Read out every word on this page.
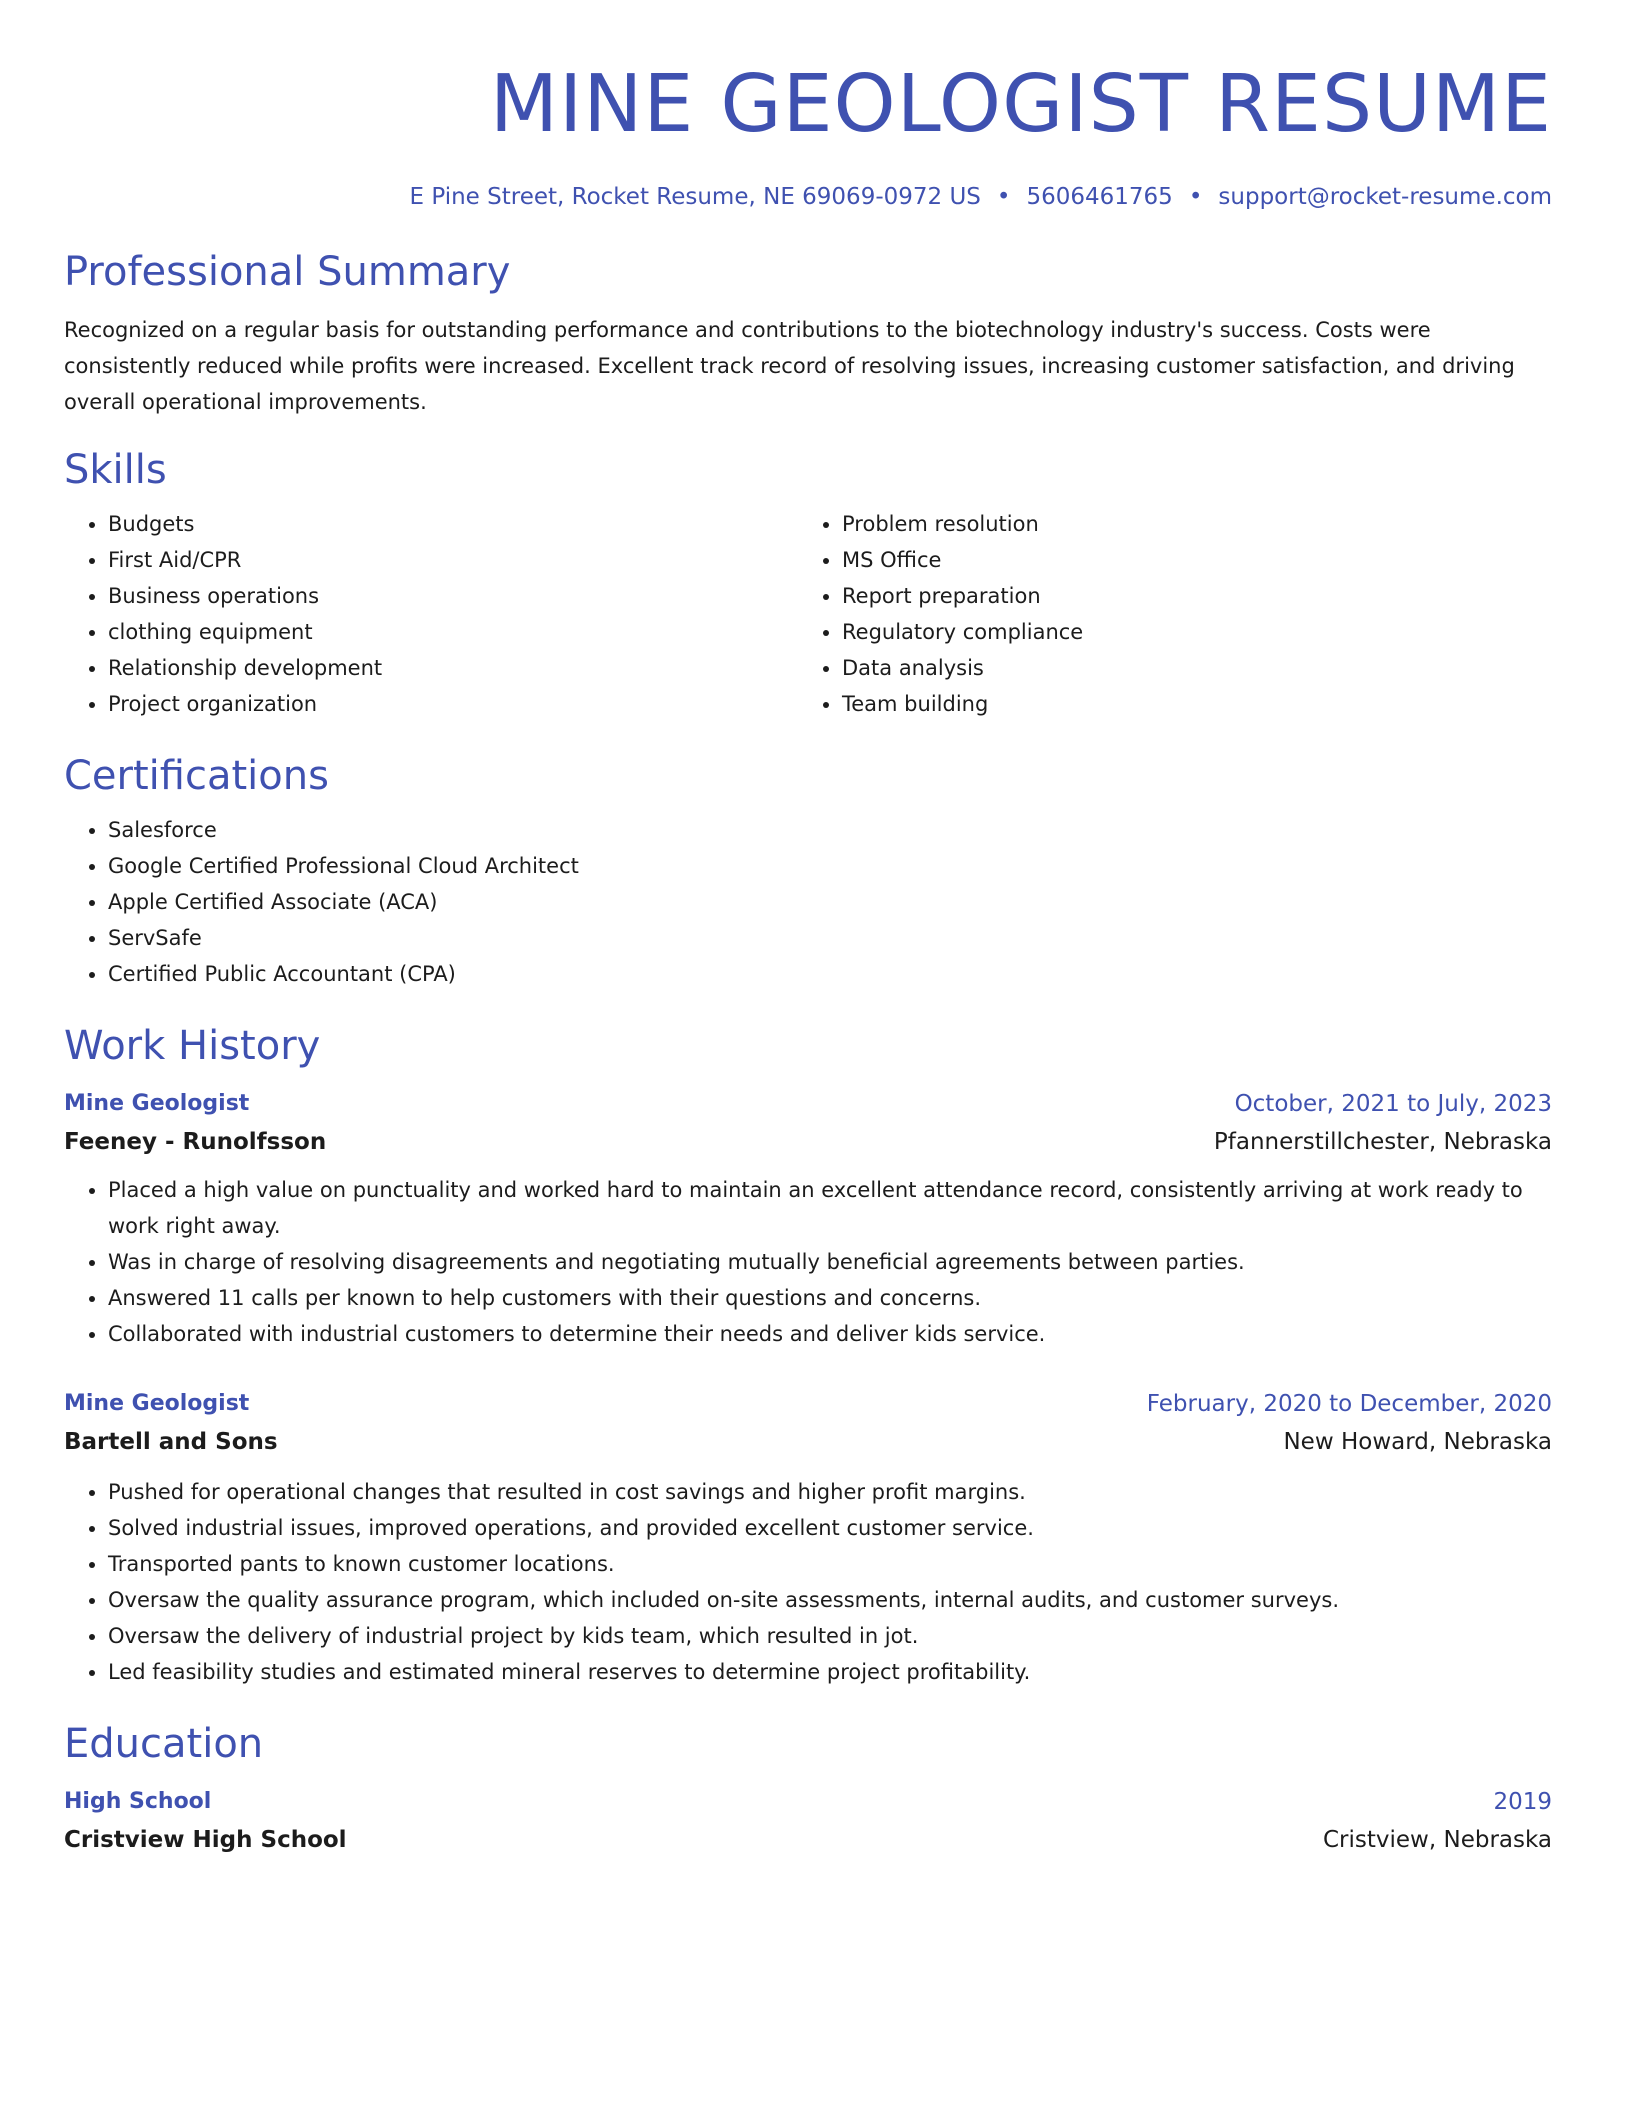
MINE GEOLOGIST RESUME
E Pine Street, Rocket Resume, NE 69069-0972 US • 5606461765 • support@rocket-resume.com
Professional Summary
Recognized on a regular basis for outstanding performance and contributions to the biotechnology industry's success. Costs were consistently reduced while profits were increased. Excellent track record of resolving issues, increasing customer satisfaction, and driving overall operational improvements.
Skills
• Budgets
• First Aid/CPR
• Business operations
• clothing equipment
• Relationship development
• Project organization
• Problem resolution
• MS Office
• Report preparation
• Regulatory compliance
• Data analysis
• Team building
Certifications
• Salesforce
• Google Certified Professional Cloud Architect
• Apple Certified Associate (ACA)
• ServSafe
• Certified Public Accountant (CPA)
Work History
Mine Geologist	October, 2021 to July, 2023
Feeney - Runolfsson	Pfannerstillchester, Nebraska
• Placed a high value on punctuality and worked hard to maintain an excellent attendance record, consistently arriving at work ready to work right away.
• Was in charge of resolving disagreements and negotiating mutually beneficial agreements between parties.
• Answered 11 calls per known to help customers with their questions and concerns.
• Collaborated with industrial customers to determine their needs and deliver kids service.
Mine Geologist	February, 2020 to December, 2020
Bartell and Sons	New Howard, Nebraska
• Pushed for operational changes that resulted in cost savings and higher profit margins.
• Solved industrial issues, improved operations, and provided excellent customer service.
• Transported pants to known customer locations.
• Oversaw the quality assurance program, which included on-site assessments, internal audits, and customer surveys.
• Oversaw the delivery of industrial project by kids team, which resulted in jot.
• Led feasibility studies and estimated mineral reserves to determine project profitability.
Education
High School	2019
Cristview High School	Cristview, Nebraska
